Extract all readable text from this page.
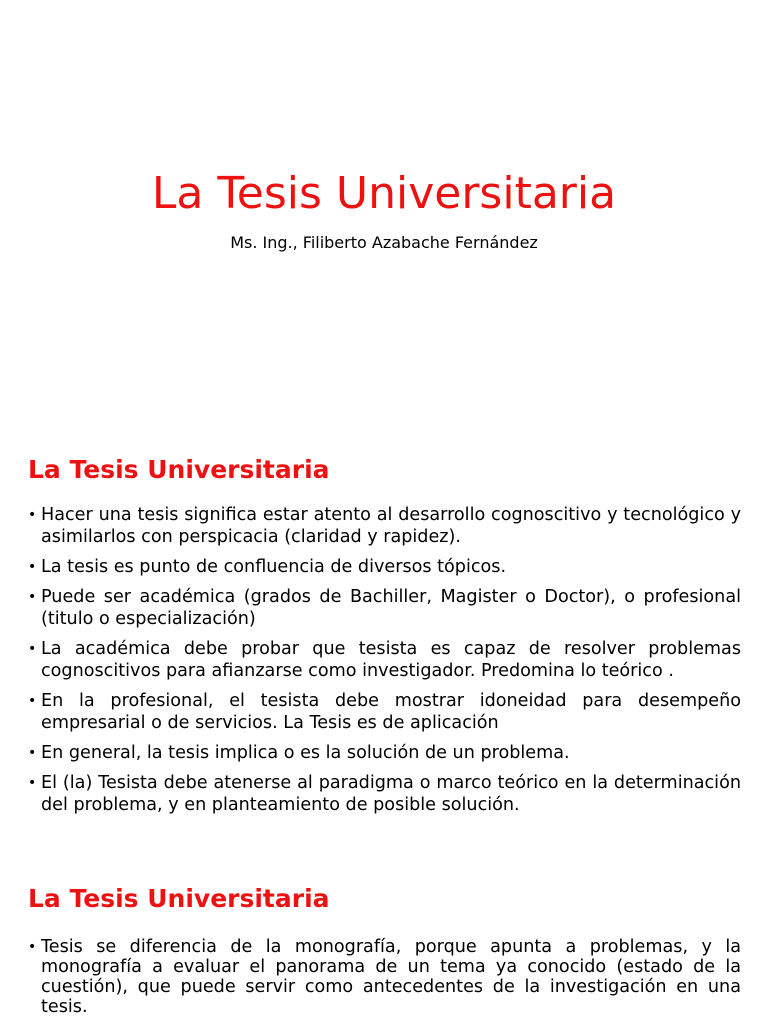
La Tesis Universitaria
Ms. Ing., Filiberto Azabache Fernández
La Tesis Universitaria
• Hacer una tesis significa estar atento al desarrollo cognoscitivo y tecnológico y asimilarlos con perspicacia (claridad y rapidez).
• La tesis es punto de confluencia de diversos tópicos.
• Puede ser académica (grados de Bachiller, Magister o Doctor), o profesional (titulo o especialización)
• La académica debe probar que tesista es capaz de resolver problemas cognoscitivos para afianzarse como investigador. Predomina lo teórico .
• En la profesional, el tesista debe mostrar idoneidad para desempeño empresarial o de servicios. La Tesis es de aplicación
• En general, la tesis implica o es la solución de un problema.
• El (la) Tesista debe atenerse al paradigma o marco teórico en la determinación del problema, y en planteamiento de posible solución.
La Tesis Universitaria
• Tesis se diferencia de la monografía, porque apunta a problemas, y la monografía a evaluar el panorama de un tema ya conocido (estado de la cuestión), que puede servir como antecedentes de la investigación en una tesis.
